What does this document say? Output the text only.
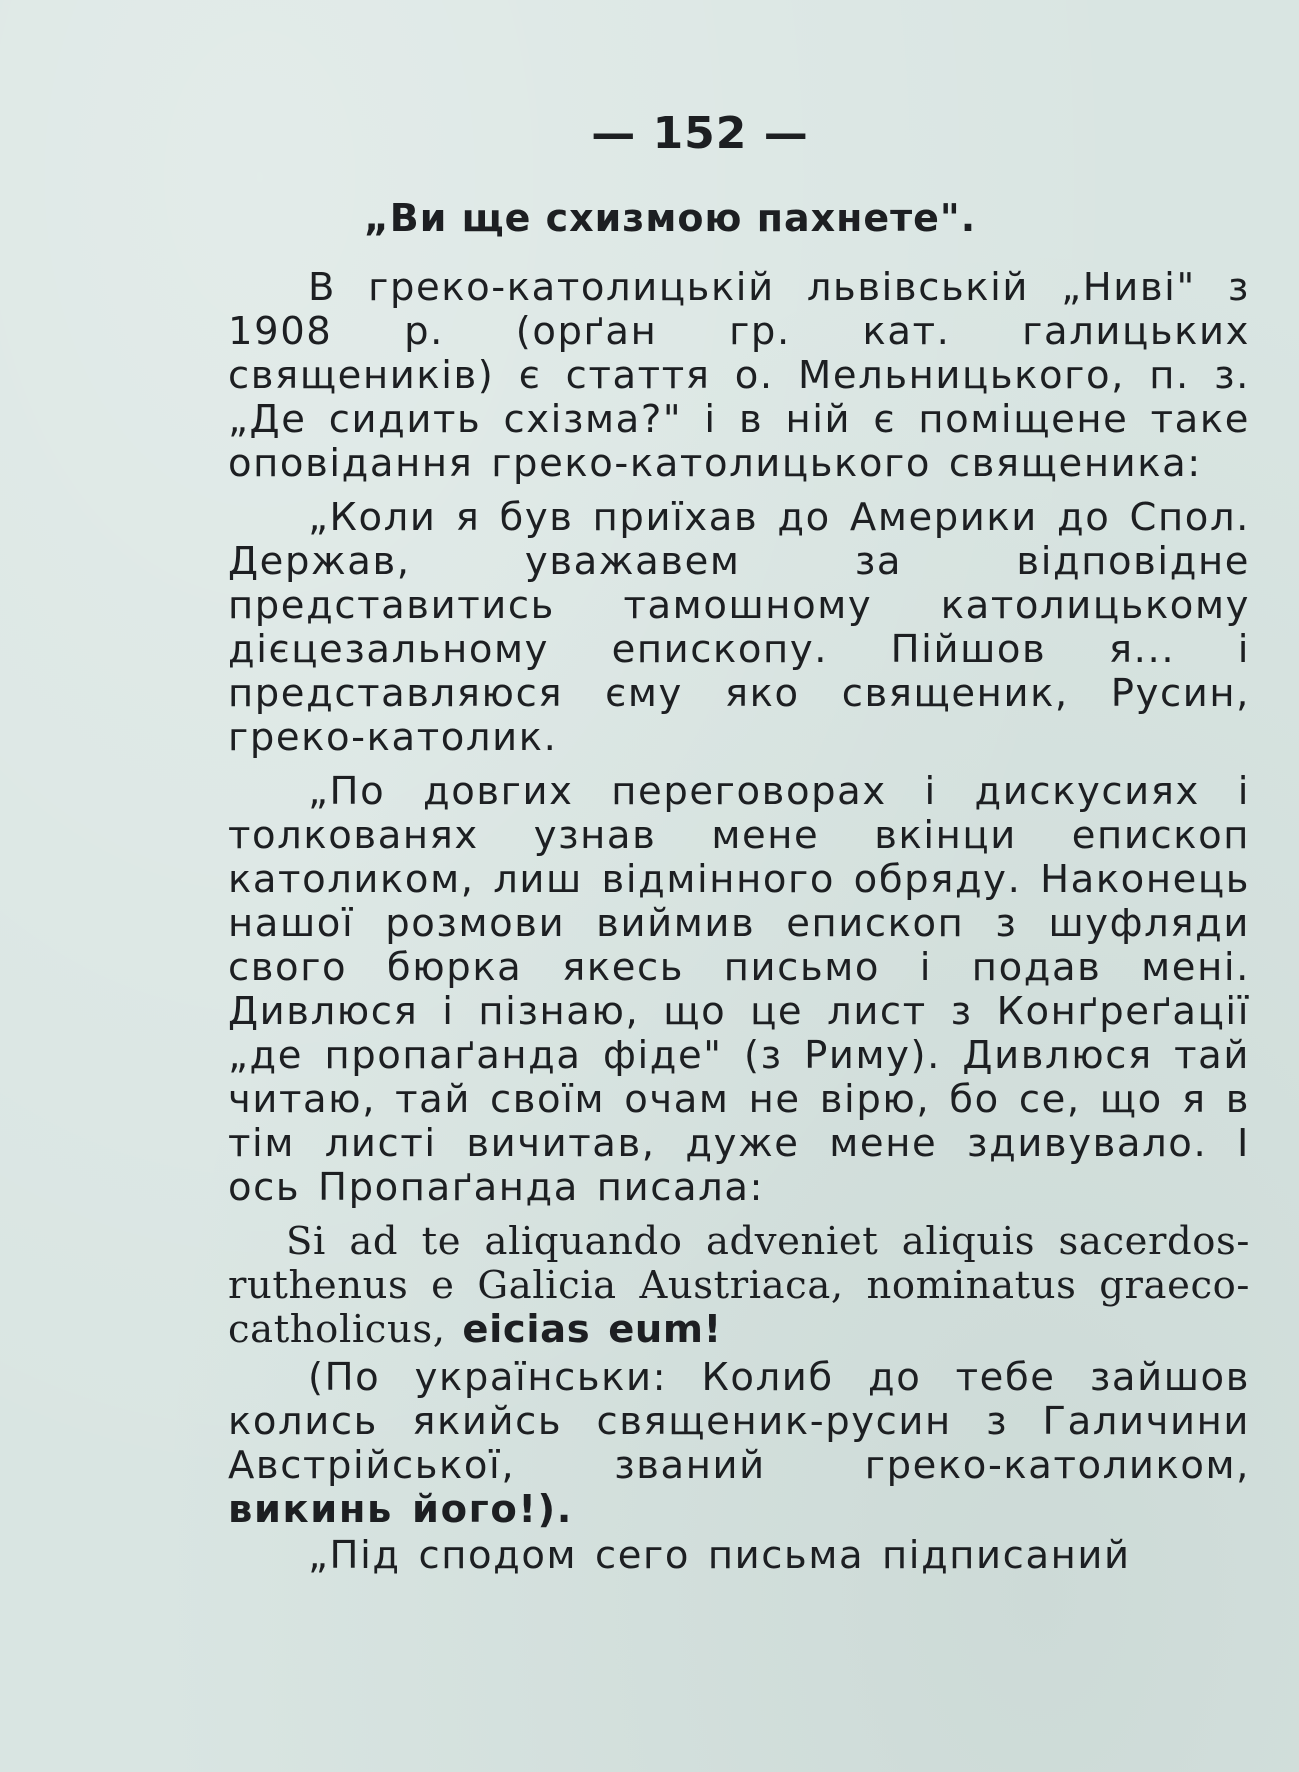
— 152 —
„Ви ще схизмою пахнете".

В греко-католицькій львівській „Ниві" з 1908 р. (орґан гр. кат. галицьких священиків) є стаття о. Мельницького, п. з. „Де сидить схізма?" і в ній є поміщене таке оповідання греко-католицького священика:

„Коли я був приїхав до Америки до Спол. Держав, уважавем за відповідне представитись тамошному католицькому дієцезальному епископу. Пійшов я... і представляюся єму яко священик, Русин, греко-католик.

„По довгих переговорах і дискусиях і толкованях узнав мене вкінци епископ католиком, лиш відмінного обряду. Наконець нашої розмови виймив епископ з шуфляди свого бюрка якесь письмо і подав мені. Дивлюся і пізнаю, що це лист з Конґреґації „де пропаґанда фіде" (з Риму). Дивлюся тай читаю, тай своїм очам не вірю, бо се, що я в тім листі вичитав, дуже мене здивувало. І ось Пропаґанда писала:

Si ad te aliquando adveniet aliquis sacerdos-ruthenus e Galicia Austriaca, nominatus graeco-catholicus, eicias eum!

(По українськи: Колиб до тебе зайшов колись якийсь священик-русин з Галичини Австрійської, званий греко-католиком, викинь його!).

„Під сподом сего письма підписаний
